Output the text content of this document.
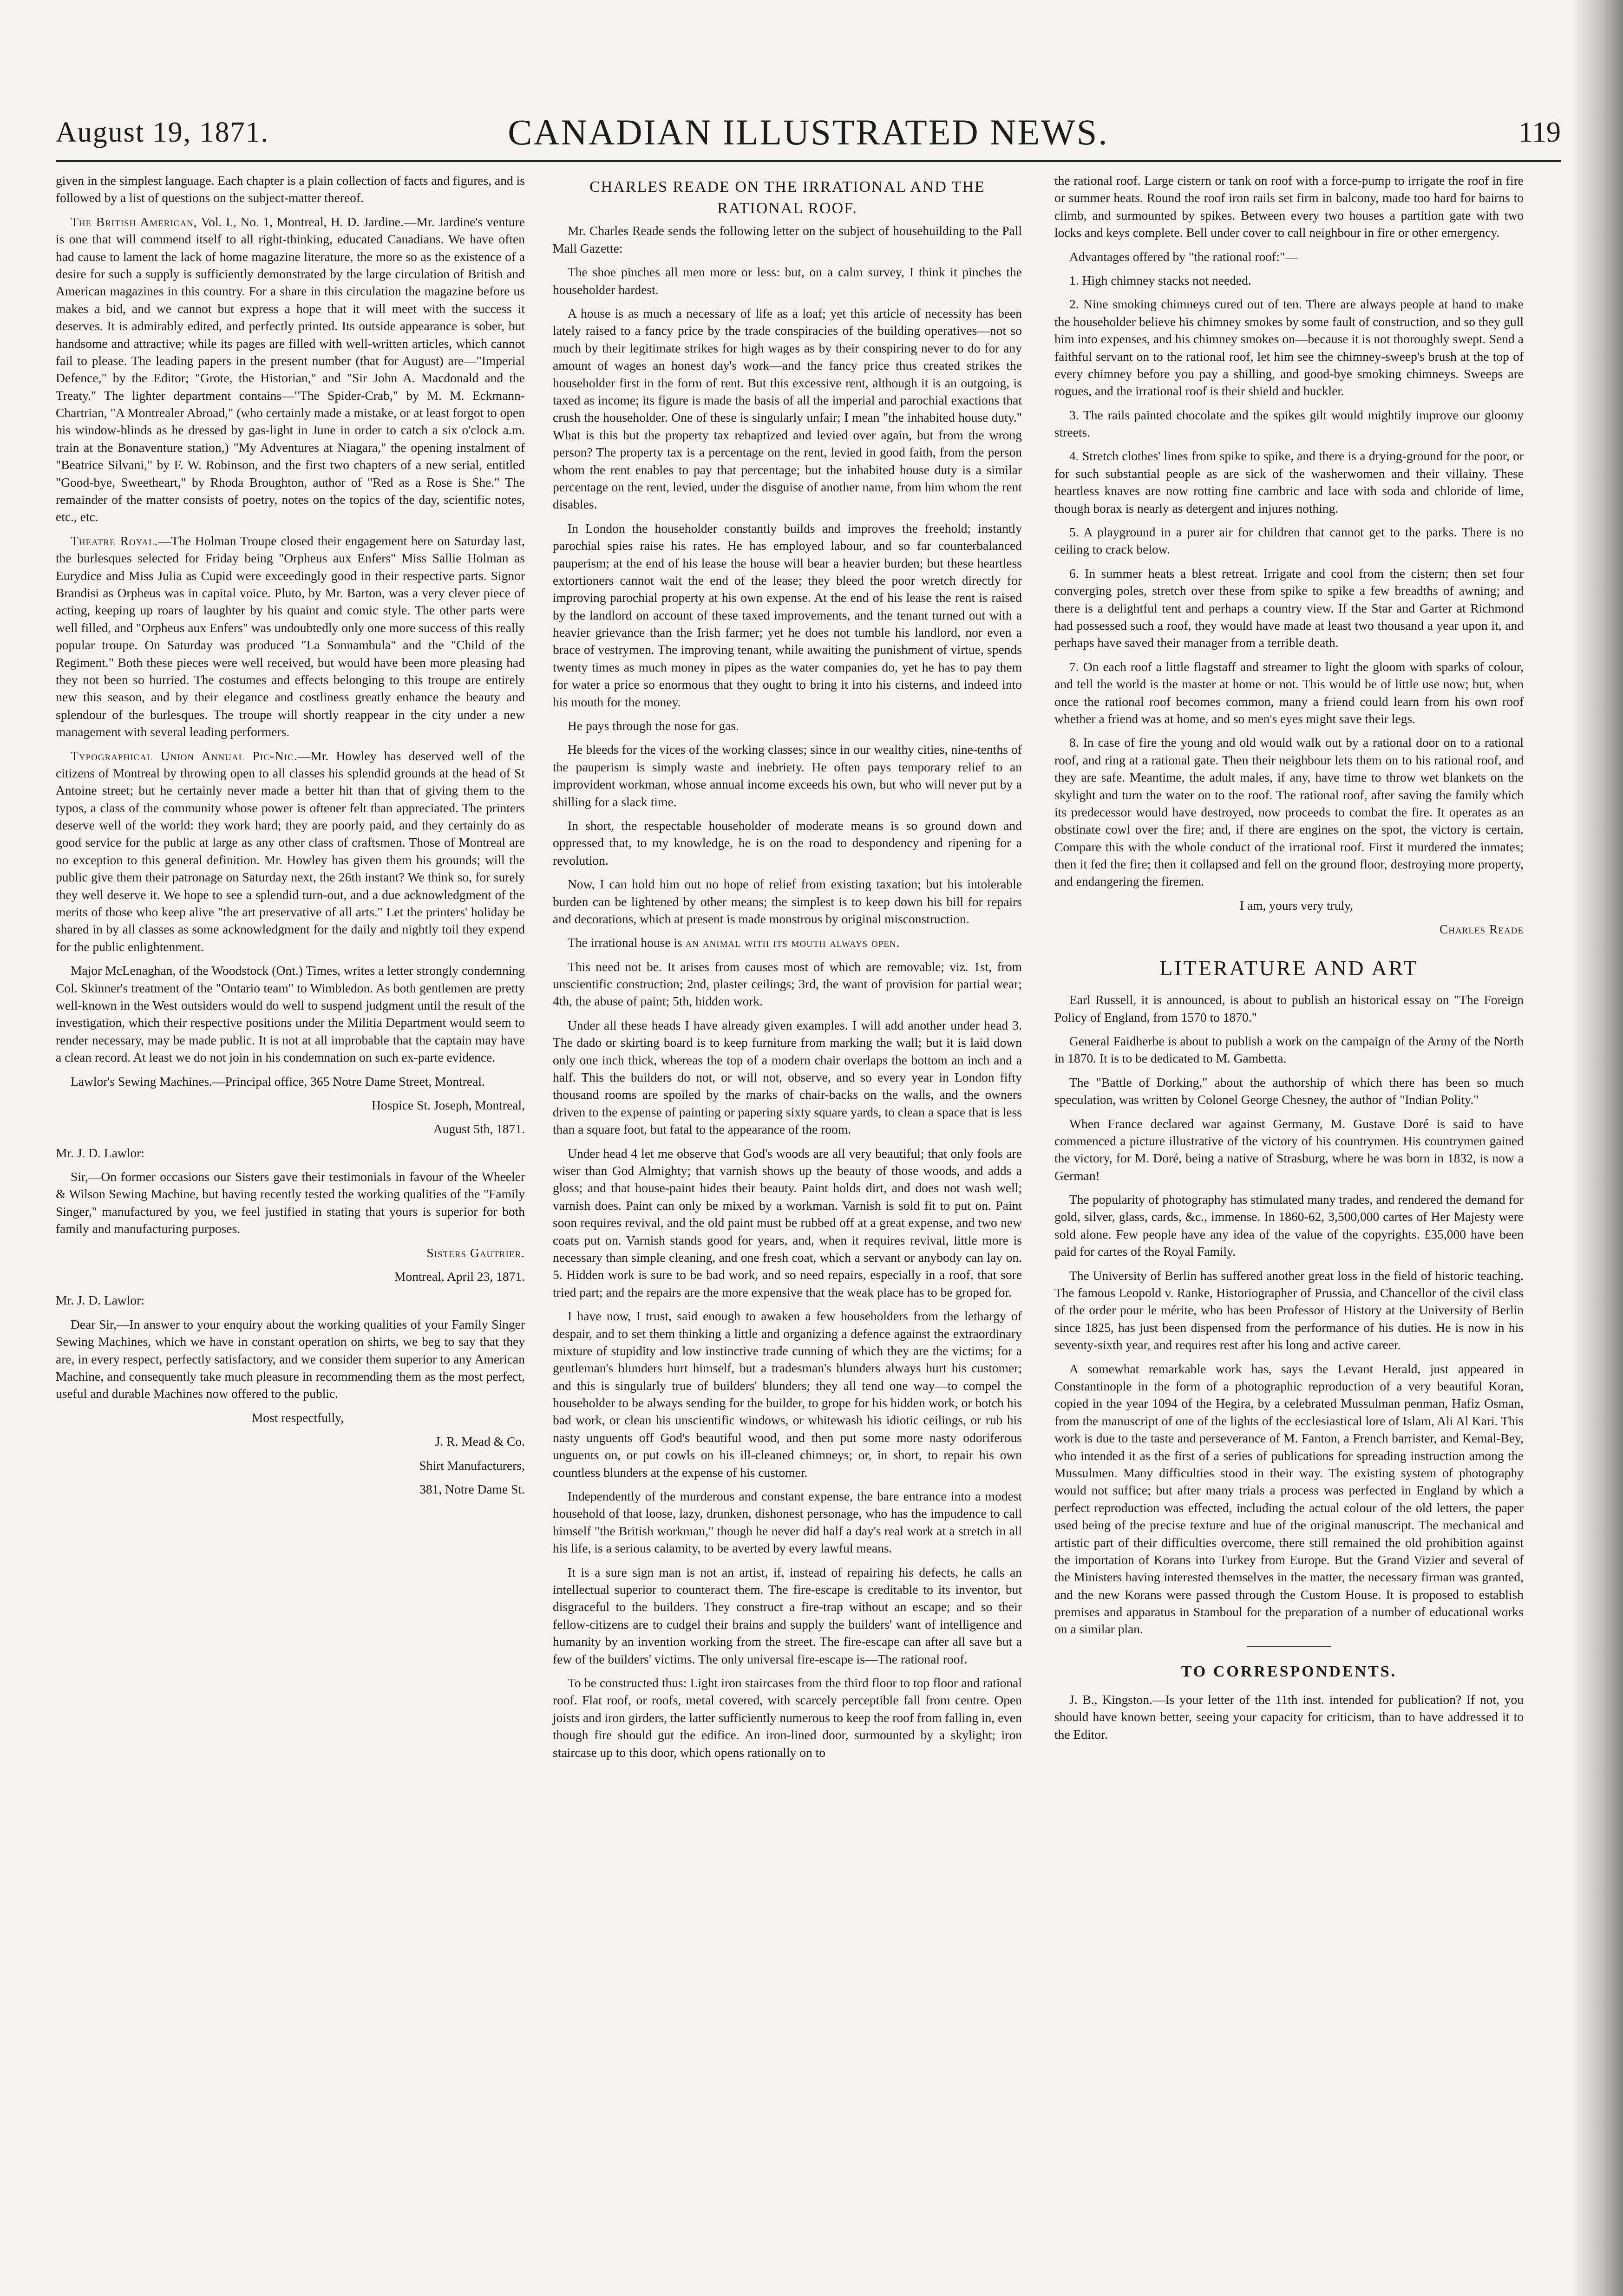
August 19, 1871.	CANADIAN ILLUSTRATED NEWS.	119

given in the simplest language. Each chapter is a plain collection of facts and figures, and is followed by a list of questions on the subject-matter thereof.

The British American, Vol. I., No. 1, Montreal, H. D. Jardine.—Mr. Jardine's venture is one that will commend itself to all right-thinking, educated Canadians. We have often had cause to lament the lack of home magazine literature, the more so as the existence of a desire for such a supply is sufficiently demonstrated by the large circulation of British and American magazines in this country. For a share in this circulation the magazine before us makes a bid, and we cannot but express a hope that it will meet with the success it deserves. It is admirably edited, and perfectly printed. Its outside appearance is sober, but handsome and attractive; while its pages are filled with well-written articles, which cannot fail to please. The leading papers in the present number (that for August) are—"Imperial Defence," by the Editor; "Grote, the Historian," and "Sir John A. Macdonald and the Treaty." The lighter department contains—"The Spider-Crab," by M. M. Eckmann-Chartrian, "A Montrealer Abroad," (who certainly made a mistake, or at least forgot to open his window-blinds as he dressed by gas-light in June in order to catch a six o'clock a.m. train at the Bonaventure station,) "My Adventures at Niagara," the opening instalment of "Beatrice Silvani," by F. W. Robinson, and the first two chapters of a new serial, entitled "Good-bye, Sweetheart," by Rhoda Broughton, author of "Red as a Rose is She." The remainder of the matter consists of poetry, notes on the topics of the day, scientific notes, etc., etc.

Theatre Royal.—The Holman Troupe closed their engagement here on Saturday last, the burlesques selected for Friday being "Orpheus aux Enfers" Miss Sallie Holman as Eurydice and Miss Julia as Cupid were exceedingly good in their respective parts. Signor Brandisi as Orpheus was in capital voice. Pluto, by Mr. Barton, was a very clever piece of acting, keeping up roars of laughter by his quaint and comic style. The other parts were well filled, and "Orpheus aux Enfers" was undoubtedly only one more success of this really popular troupe. On Saturday was produced "La Sonnambula" and the "Child of the Regiment." Both these pieces were well received, but would have been more pleasing had they not been so hurried. The costumes and effects belonging to this troupe are entirely new this season, and by their elegance and costliness greatly enhance the beauty and splendour of the burlesques. The troupe will shortly reappear in the city under a new management with several leading performers.

Typographical Union Annual Pic-Nic.—Mr. Howley has deserved well of the citizens of Montreal by throwing open to all classes his splendid grounds at the head of St Antoine street; but he certainly never made a better hit than that of giving them to the typos, a class of the community whose power is oftener felt than appreciated. The printers deserve well of the world: they work hard; they are poorly paid, and they certainly do as good service for the public at large as any other class of craftsmen. Those of Montreal are no exception to this general definition. Mr. Howley has given them his grounds; will the public give them their patronage on Saturday next, the 26th instant? We think so, for surely they well deserve it. We hope to see a splendid turn-out, and a due acknowledgment of the merits of those who keep alive "the art preservative of all arts." Let the printers' holiday be shared in by all classes as some acknowledgment for the daily and nightly toil they expend for the public enlightenment.

Major McLenaghan, of the Woodstock (Ont.) Times, writes a letter strongly condemning Col. Skinner's treatment of the "Ontario team" to Wimbledon. As both gentlemen are pretty well-known in the West outsiders would do well to suspend judgment until the result of the investigation, which their respective positions under the Militia Department would seem to render necessary, may be made public. It is not at all improbable that the captain may have a clean record. At least we do not join in his condemnation on such ex-parte evidence.

Lawlor's Sewing Machines.—Principal office, 365 Notre Dame Street, Montreal.

Hospice St. Joseph, Montreal,

August 5th, 1871.

Mr. J. D. Lawlor:

Sir,—On former occasions our Sisters gave their testimonials in favour of the Wheeler & Wilson Sewing Machine, but having recently tested the working qualities of the "Family Singer," manufactured by you, we feel justified in stating that yours is superior for both family and manufacturing purposes.

Sisters Gautrier.

Montreal, April 23, 1871.

Mr. J. D. Lawlor:

Dear Sir,—In answer to your enquiry about the working qualities of your Family Singer Sewing Machines, which we have in constant operation on shirts, we beg to say that they are, in every respect, perfectly satisfactory, and we consider them superior to any American Machine, and consequently take much pleasure in recommending them as the most perfect, useful and durable Machines now offered to the public.

Most respectfully,

J. R. Mead & Co.

Shirt Manufacturers,

381, Notre Dame St.

CHARLES READE ON THE IRRATIONAL AND THE RATIONAL ROOF.

Mr. Charles Reade sends the following letter on the subject of househuilding to the Pall Mall Gazette:

The shoe pinches all men more or less: but, on a calm survey, I think it pinches the householder hardest.

A house is as much a necessary of life as a loaf; yet this article of necessity has been lately raised to a fancy price by the trade conspiracies of the building operatives—not so much by their legitimate strikes for high wages as by their conspiring never to do for any amount of wages an honest day's work—and the fancy price thus created strikes the householder first in the form of rent. But this excessive rent, although it is an outgoing, is taxed as income; its figure is made the basis of all the imperial and parochial exactions that crush the householder. One of these is singularly unfair; I mean "the inhabited house duty." What is this but the property tax rebaptized and levied over again, but from the wrong person? The property tax is a percentage on the rent, levied in good faith, from the person whom the rent enables to pay that percentage; but the inhabited house duty is a similar percentage on the rent, levied, under the disguise of another name, from him whom the rent disables.

In London the householder constantly builds and improves the freehold; instantly parochial spies raise his rates. He has employed labour, and so far counterbalanced pauperism; at the end of his lease the house will bear a heavier burden; but these heartless extortioners cannot wait the end of the lease; they bleed the poor wretch directly for improving parochial property at his own expense. At the end of his lease the rent is raised by the landlord on account of these taxed improvements, and the tenant turned out with a heavier grievance than the Irish farmer; yet he does not tumble his landlord, nor even a brace of vestrymen. The improving tenant, while awaiting the punishment of virtue, spends twenty times as much money in pipes as the water companies do, yet he has to pay them for water a price so enormous that they ought to bring it into his cisterns, and indeed into his mouth for the money.

He pays through the nose for gas.

He bleeds for the vices of the working classes; since in our wealthy cities, nine-tenths of the pauperism is simply waste and inebriety. He often pays temporary relief to an improvident workman, whose annual income exceeds his own, but who will never put by a shilling for a slack time.

In short, the respectable householder of moderate means is so ground down and oppressed that, to my knowledge, he is on the road to despondency and ripening for a revolution.

Now, I can hold him out no hope of relief from existing taxation; but his intolerable burden can be lightened by other means; the simplest is to keep down his bill for repairs and decorations, which at present is made monstrous by original misconstruction.

The irrational house is an animal with its mouth always open.

This need not be. It arises from causes most of which are removable; viz. 1st, from unscientific construction; 2nd, plaster ceilings; 3rd, the want of provision for partial wear; 4th, the abuse of paint; 5th, hidden work.

Under all these heads I have already given examples. I will add another under head 3. The dado or skirting board is to keep furniture from marking the wall; but it is laid down only one inch thick, whereas the top of a modern chair overlaps the bottom an inch and a half. This the builders do not, or will not, observe, and so every year in London fifty thousand rooms are spoiled by the marks of chair-backs on the walls, and the owners driven to the expense of painting or papering sixty square yards, to clean a space that is less than a square foot, but fatal to the appearance of the room.

Under head 4 let me observe that God's woods are all very beautiful; that only fools are wiser than God Almighty; that varnish shows up the beauty of those woods, and adds a gloss; and that house-paint hides their beauty. Paint holds dirt, and does not wash well; varnish does. Paint can only be mixed by a workman. Varnish is sold fit to put on. Paint soon requires revival, and the old paint must be rubbed off at a great expense, and two new coats put on. Varnish stands good for years, and, when it requires revival, little more is necessary than simple cleaning, and one fresh coat, which a servant or anybody can lay on. 5. Hidden work is sure to be bad work, and so need repairs, especially in a roof, that sore tried part; and the repairs are the more expensive that the weak place has to be groped for.

I have now, I trust, said enough to awaken a few householders from the lethargy of despair, and to set them thinking a little and organizing a defence against the extraordinary mixture of stupidity and low instinctive trade cunning of which they are the victims; for a gentleman's blunders hurt himself, but a tradesman's blunders always hurt his customer; and this is singularly true of builders' blunders; they all tend one way—to compel the householder to be always sending for the builder, to grope for his hidden work, or botch his bad work, or clean his unscientific windows, or whitewash his idiotic ceilings, or rub his nasty unguents off God's beautiful wood, and then put some more nasty odoriferous unguents on, or put cowls on his ill-cleaned chimneys; or, in short, to repair his own countless blunders at the expense of his customer.

Independently of the murderous and constant expense, the bare entrance into a modest household of that loose, lazy, drunken, dishonest personage, who has the impudence to call himself "the British workman," though he never did half a day's real work at a stretch in all his life, is a serious calamity, to be averted by every lawful means.

It is a sure sign man is not an artist, if, instead of repairing his defects, he calls an intellectual superior to counteract them. The fire-escape is creditable to its inventor, but disgraceful to the builders. They construct a fire-trap without an escape; and so their fellow-citizens are to cudgel their brains and supply the builders' want of intelligence and humanity by an invention working from the street. The fire-escape can after all save but a few of the builders' victims. The only universal fire-escape is—The rational roof.

To be constructed thus: Light iron staircases from the third floor to top floor and rational roof. Flat roof, or roofs, metal covered, with scarcely perceptible fall from centre. Open joists and iron girders, the latter sufficiently numerous to keep the roof from falling in, even though fire should gut the edifice. An iron-lined door, surmounted by a skylight; iron staircase up to this door, which opens rationally on to

the rational roof. Large cistern or tank on roof with a force-pump to irrigate the roof in fire or summer heats. Round the roof iron rails set firm in balcony, made too hard for bairns to climb, and surmounted by spikes. Between every two houses a partition gate with two locks and keys complete. Bell under cover to call neighbour in fire or other emergency.

Advantages offered by "the rational roof:"—

1. High chimney stacks not needed.

2. Nine smoking chimneys cured out of ten. There are always people at hand to make the householder believe his chimney smokes by some fault of construction, and so they gull him into expenses, and his chimney smokes on—because it is not thoroughly swept. Send a faithful servant on to the rational roof, let him see the chimney-sweep's brush at the top of every chimney before you pay a shilling, and good-bye smoking chimneys. Sweeps are rogues, and the irrational roof is their shield and buckler.

3. The rails painted chocolate and the spikes gilt would mightily improve our gloomy streets.

4. Stretch clothes' lines from spike to spike, and there is a drying-ground for the poor, or for such substantial people as are sick of the washerwomen and their villainy. These heartless knaves are now rotting fine cambric and lace with soda and chloride of lime, though borax is nearly as detergent and injures nothing.

5. A playground in a purer air for children that cannot get to the parks. There is no ceiling to crack below.

6. In summer heats a blest retreat. Irrigate and cool from the cistern; then set four converging poles, stretch over these from spike to spike a few breadths of awning; and there is a delightful tent and perhaps a country view. If the Star and Garter at Richmond had possessed such a roof, they would have made at least two thousand a year upon it, and perhaps have saved their manager from a terrible death.

7. On each roof a little flagstaff and streamer to light the gloom with sparks of colour, and tell the world is the master at home or not. This would be of little use now; but, when once the rational roof becomes common, many a friend could learn from his own roof whether a friend was at home, and so men's eyes might save their legs.

8. In case of fire the young and old would walk out by a rational door on to a rational roof, and ring at a rational gate. Then their neighbour lets them on to his rational roof, and they are safe. Meantime, the adult males, if any, have time to throw wet blankets on the skylight and turn the water on to the roof. The rational roof, after saving the family which its predecessor would have destroyed, now proceeds to combat the fire. It operates as an obstinate cowl over the fire; and, if there are engines on the spot, the victory is certain. Compare this with the whole conduct of the irrational roof. First it murdered the inmates; then it fed the fire; then it collapsed and fell on the ground floor, destroying more property, and endangering the firemen.

I am, yours very truly,

Charles Reade

LITERATURE AND ART

Earl Russell, it is announced, is about to publish an historical essay on "The Foreign Policy of England, from 1570 to 1870."

General Faidherbe is about to publish a work on the campaign of the Army of the North in 1870. It is to be dedicated to M. Gambetta.

The "Battle of Dorking," about the authorship of which there has been so much speculation, was written by Colonel George Chesney, the author of "Indian Polity."

When France declared war against Germany, M. Gustave Doré is said to have commenced a picture illustrative of the victory of his countrymen. His countrymen gained the victory, for M. Doré, being a native of Strasburg, where he was born in 1832, is now a German!

The popularity of photography has stimulated many trades, and rendered the demand for gold, silver, glass, cards, &c., immense. In 1860-62, 3,500,000 cartes of Her Majesty were sold alone. Few people have any idea of the value of the copyrights. £35,000 have been paid for cartes of the Royal Family.

The University of Berlin has suffered another great loss in the field of historic teaching. The famous Leopold v. Ranke, Historiographer of Prussia, and Chancellor of the civil class of the order pour le mérite, who has been Professor of History at the University of Berlin since 1825, has just been dispensed from the performance of his duties. He is now in his seventy-sixth year, and requires rest after his long and active career.

A somewhat remarkable work has, says the Levant Herald, just appeared in Constantinople in the form of a photographic reproduction of a very beautiful Koran, copied in the year 1094 of the Hegira, by a celebrated Mussulman penman, Hafiz Osman, from the manuscript of one of the lights of the ecclesiastical lore of Islam, Ali Al Kari. This work is due to the taste and perseverance of M. Fanton, a French barrister, and Kemal-Bey, who intended it as the first of a series of publications for spreading instruction among the Mussulmen. Many difficulties stood in their way. The existing system of photography would not suffice; but after many trials a process was perfected in England by which a perfect reproduction was effected, including the actual colour of the old letters, the paper used being of the precise texture and hue of the original manuscript. The mechanical and artistic part of their difficulties overcome, there still remained the old prohibition against the importation of Korans into Turkey from Europe. But the Grand Vizier and several of the Ministers having interested themselves in the matter, the necessary firman was granted, and the new Korans were passed through the Custom House. It is proposed to establish premises and apparatus in Stamboul for the preparation of a number of educational works on a similar plan.

TO CORRESPONDENTS.

J. B., Kingston.—Is your letter of the 11th inst. intended for publication? If not, you should have known better, seeing your capacity for criticism, than to have addressed it to the Editor.
